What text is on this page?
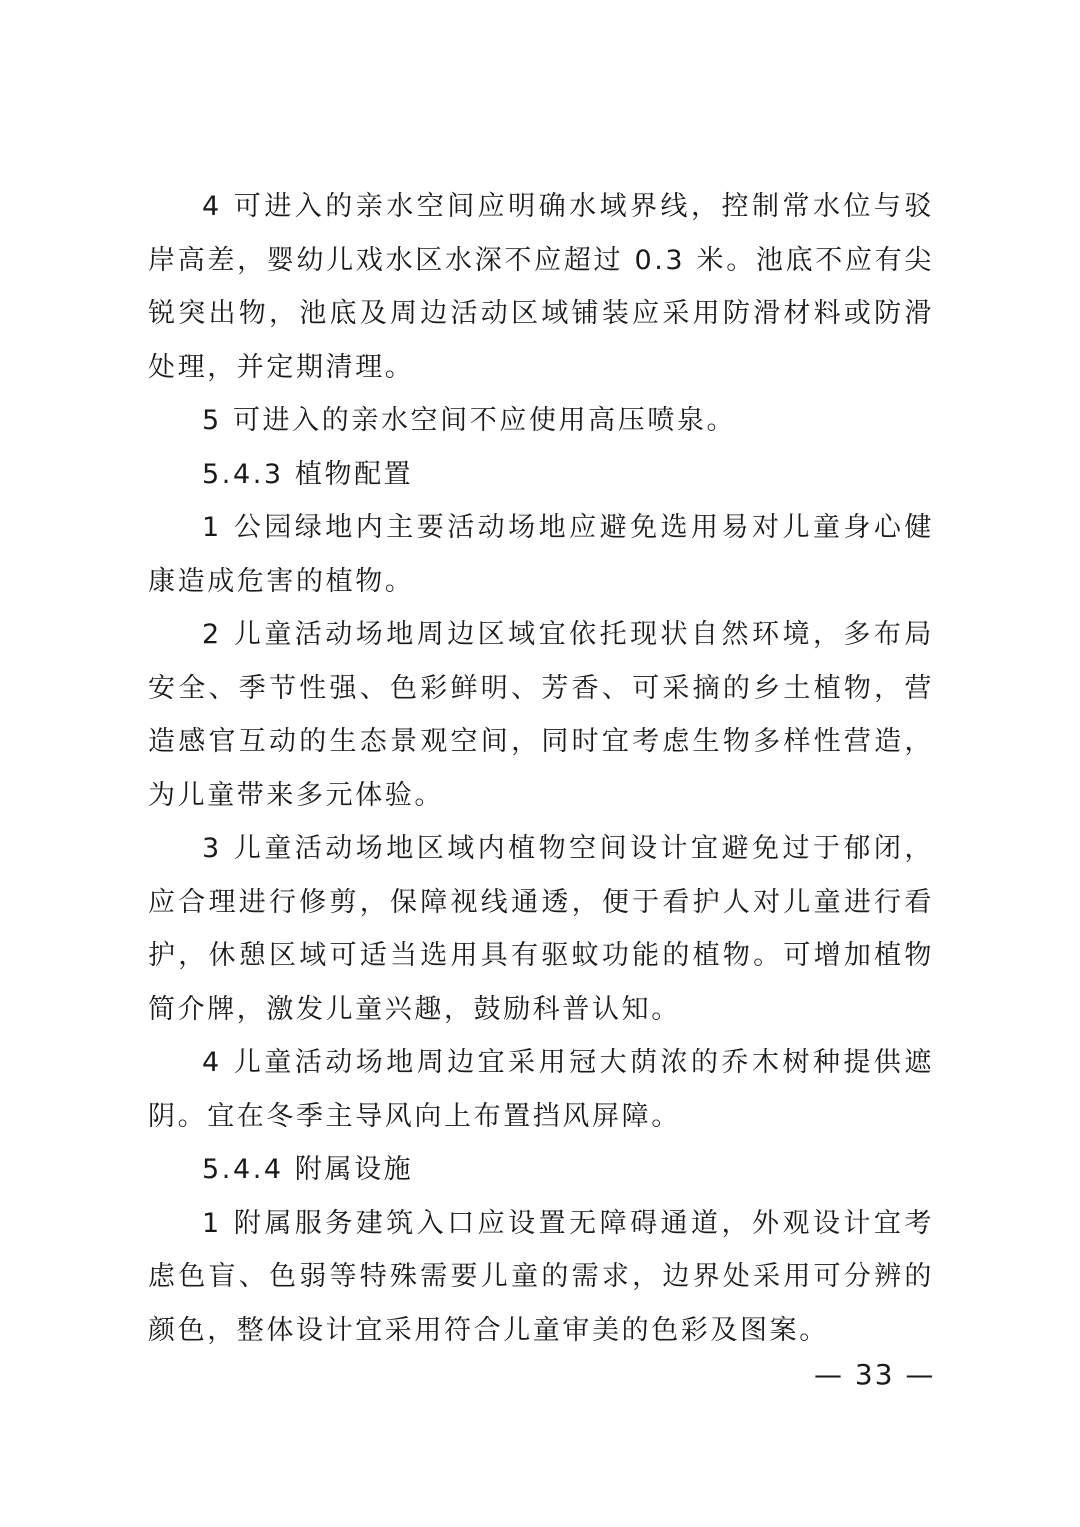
4 可进入的亲水空间应明确水域界线，控制常水位与驳岸高差，婴幼儿戏水区水深不应超过 0.3 米。池底不应有尖锐突出物，池底及周边活动区域铺装应采用防滑材料或防滑处理，并定期清理。

5 可进入的亲水空间不应使用高压喷泉。

5.4.3 植物配置

1 公园绿地内主要活动场地应避免选用易对儿童身心健康造成危害的植物。

2 儿童活动场地周边区域宜依托现状自然环境，多布局安全、季节性强、色彩鲜明、芳香、可采摘的乡土植物，营造感官互动的生态景观空间，同时宜考虑生物多样性营造，为儿童带来多元体验。

3 儿童活动场地区域内植物空间设计宜避免过于郁闭，应合理进行修剪，保障视线通透，便于看护人对儿童进行看护，休憩区域可适当选用具有驱蚊功能的植物。可增加植物简介牌，激发儿童兴趣，鼓励科普认知。

4 儿童活动场地周边宜采用冠大荫浓的乔木树种提供遮阴。宜在冬季主导风向上布置挡风屏障。

5.4.4 附属设施

1 附属服务建筑入口应设置无障碍通道，外观设计宜考虑色盲、色弱等特殊需要儿童的需求，边界处采用可分辨的颜色，整体设计宜采用符合儿童审美的色彩及图案。

— 33 —
